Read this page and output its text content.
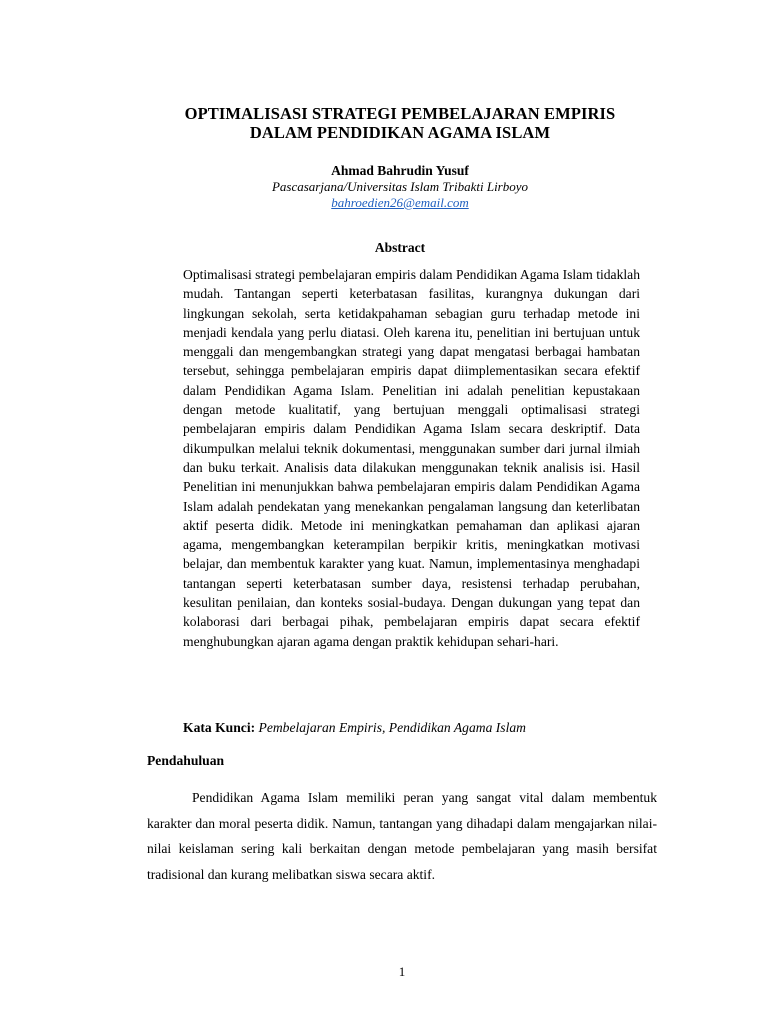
OPTIMALISASI STRATEGI PEMBELAJARAN EMPIRIS
DALAM PENDIDIKAN AGAMA ISLAM
Ahmad Bahrudin Yusuf
Pascasarjana/Universitas Islam Tribakti Lirboyo
bahroedien26@email.com
Abstract

Optimalisasi strategi pembelajaran empiris dalam Pendidikan Agama Islam tidaklah mudah. Tantangan seperti keterbatasan fasilitas, kurangnya dukungan dari lingkungan sekolah, serta ketidakpahaman sebagian guru terhadap metode ini menjadi kendala yang perlu diatasi. Oleh karena itu, penelitian ini bertujuan untuk menggali dan mengembangkan strategi yang dapat mengatasi berbagai hambatan tersebut, sehingga pembelajaran empiris dapat diimplementasikan secara efektif dalam Pendidikan Agama Islam. Penelitian ini adalah penelitian kepustakaan dengan metode kualitatif, yang bertujuan menggali optimalisasi strategi pembelajaran empiris dalam Pendidikan Agama Islam secara deskriptif. Data dikumpulkan melalui teknik dokumentasi, menggunakan sumber dari jurnal ilmiah dan buku terkait. Analisis data dilakukan menggunakan teknik analisis isi. Hasil Penelitian ini menunjukkan bahwa pembelajaran empiris dalam Pendidikan Agama Islam adalah pendekatan yang menekankan pengalaman langsung dan keterlibatan aktif peserta didik. Metode ini meningkatkan pemahaman dan aplikasi ajaran agama, mengembangkan keterampilan berpikir kritis, meningkatkan motivasi belajar, dan membentuk karakter yang kuat. Namun, implementasinya menghadapi tantangan seperti keterbatasan sumber daya, resistensi terhadap perubahan, kesulitan penilaian, dan konteks sosial-budaya. Dengan dukungan yang tepat dan kolaborasi dari berbagai pihak, pembelajaran empiris dapat secara efektif menghubungkan ajaran agama dengan praktik kehidupan sehari-hari.

Kata Kunci: Pembelajaran Empiris, Pendidikan Agama Islam

Pendahuluan

Pendidikan Agama Islam memiliki peran yang sangat vital dalam membentuk karakter dan moral peserta didik. Namun, tantangan yang dihadapi dalam mengajarkan nilai-nilai keislaman sering kali berkaitan dengan metode pembelajaran yang masih bersifat tradisional dan kurang melibatkan siswa secara aktif.

1
